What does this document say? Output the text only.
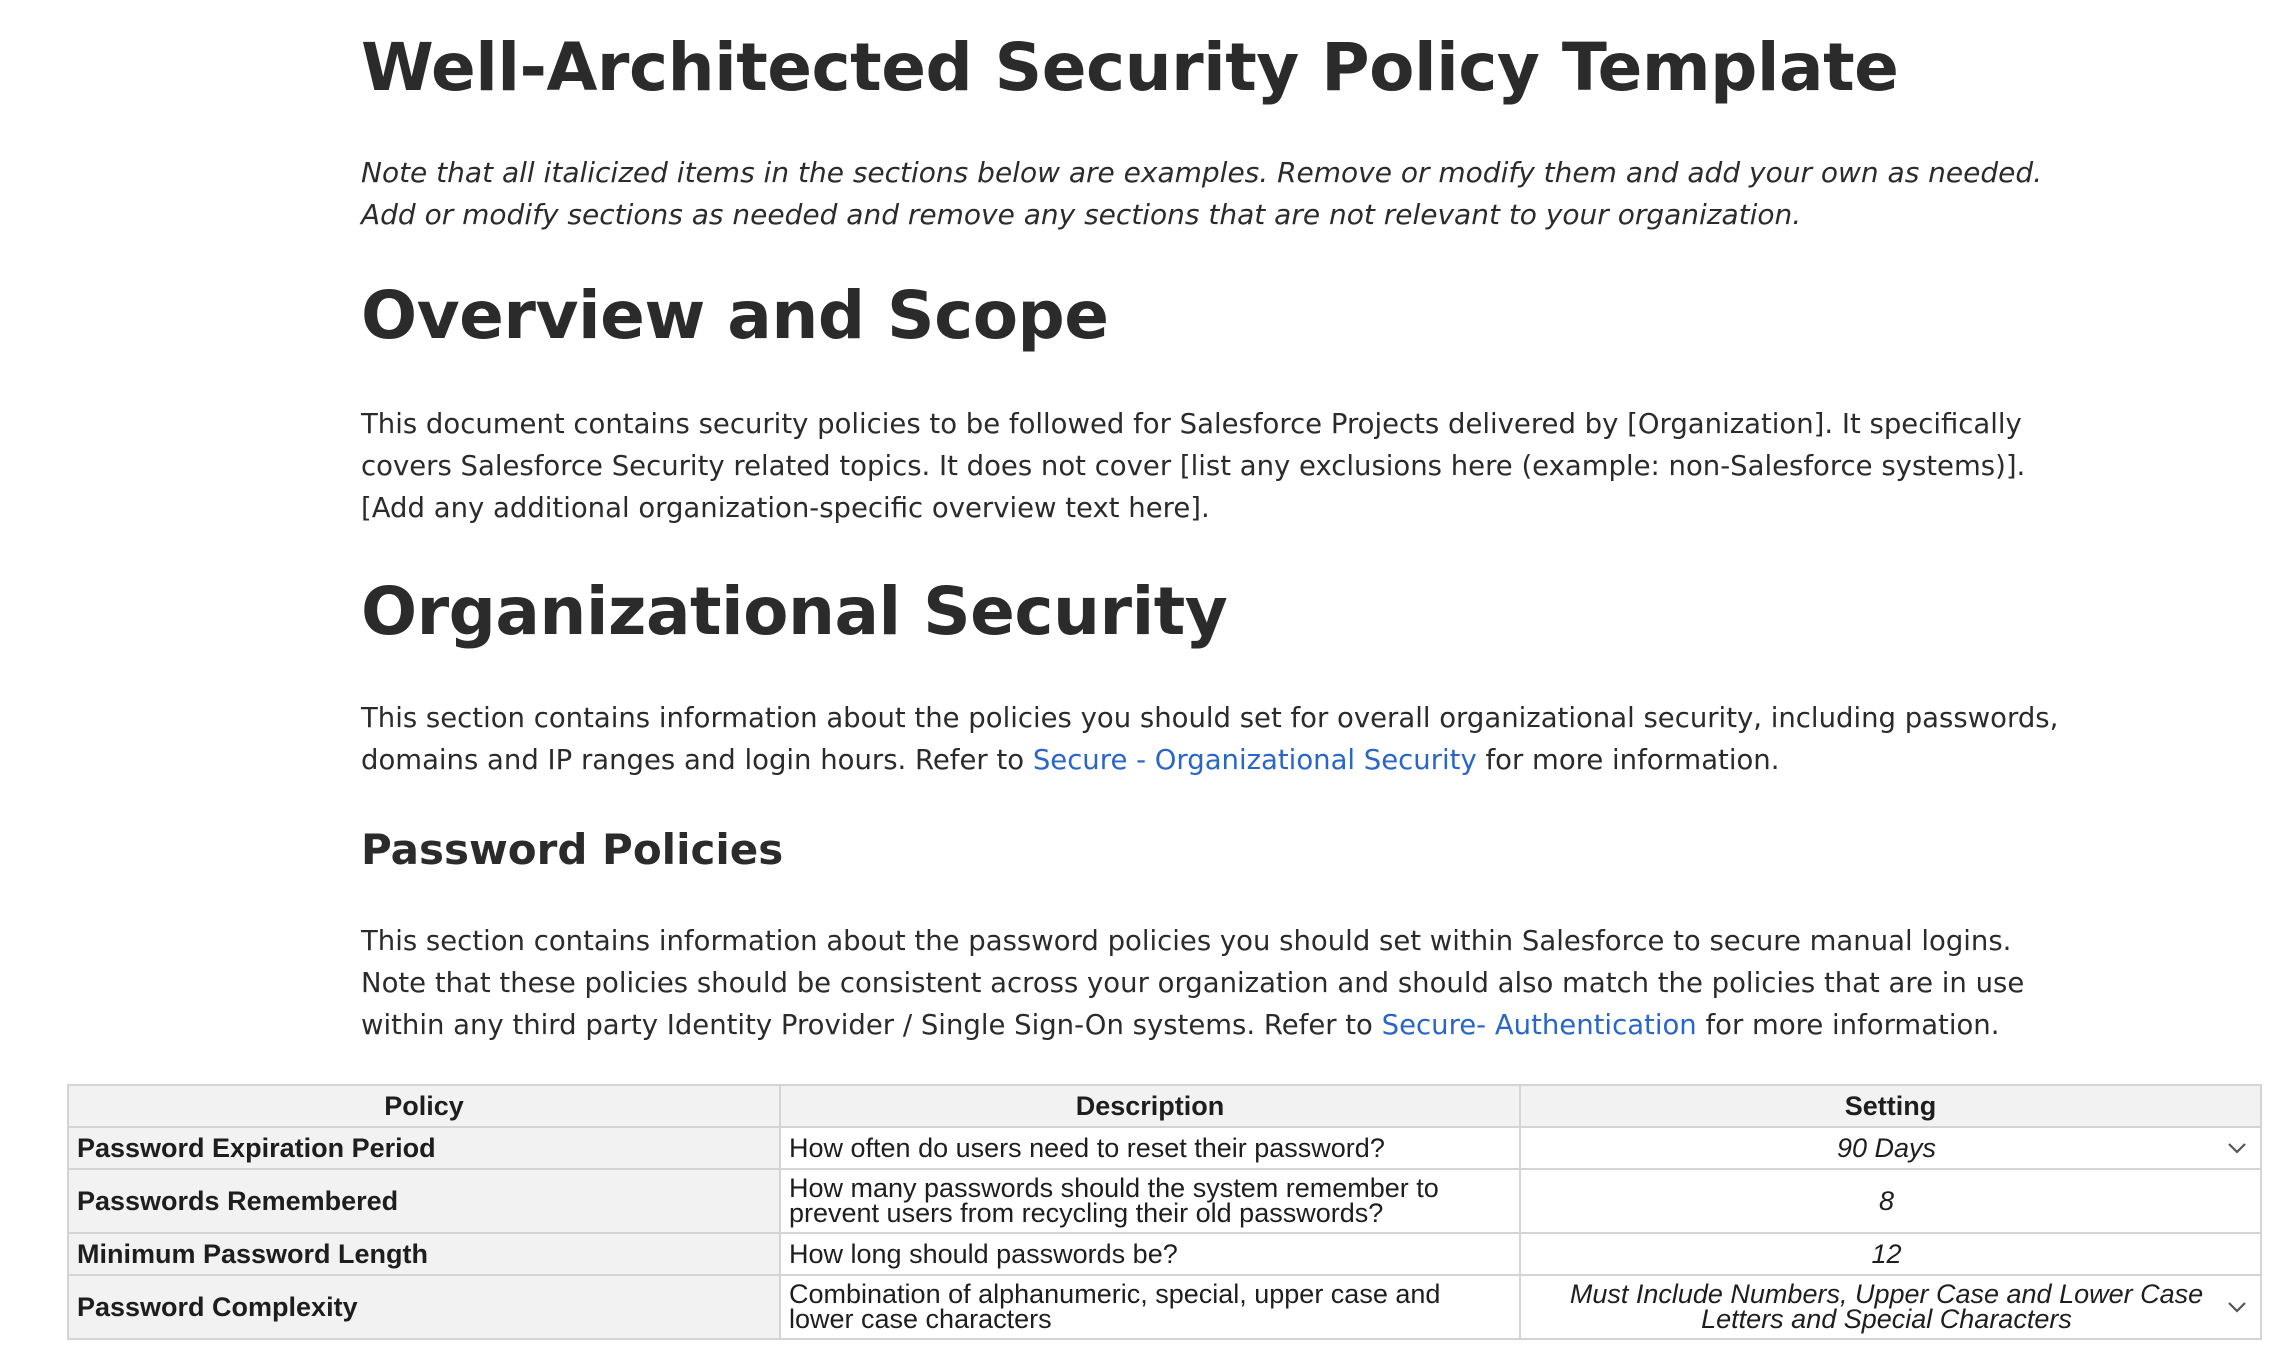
Well-Architected Security Policy Template

Note that all italicized items in the sections below are examples. Remove or modify them and add your own as needed.
Add or modify sections as needed and remove any sections that are not relevant to your organization.

Overview and Scope

This document contains security policies to be followed for Salesforce Projects delivered by [Organization]. It specifically
covers Salesforce Security related topics. It does not cover [list any exclusions here (example: non-Salesforce systems)].
[Add any additional organization-specific overview text here].

Organizational Security

This section contains information about the policies you should set for overall organizational security, including passwords,
domains and IP ranges and login hours. Refer to Secure - Organizational Security for more information.

Password Policies

This section contains information about the password policies you should set within Salesforce to secure manual logins.
Note that these policies should be consistent across your organization and should also match the policies that are in use
within any third party Identity Provider / Single Sign-On systems. Refer to Secure- Authentication for more information.

Policy	Description	Setting
Password Expiration Period	How often do users need to reset their password?	90 Days

Passwords Remembered	How many passwords should the system remember to
prevent users from recycling their old passwords?	8
Minimum Password Length	How long should passwords be?	12
Password Complexity	Combination of alphanumeric, special, upper case and
lower case characters	Must Include Numbers, Upper Case and Lower Case
Letters and Special Characters
